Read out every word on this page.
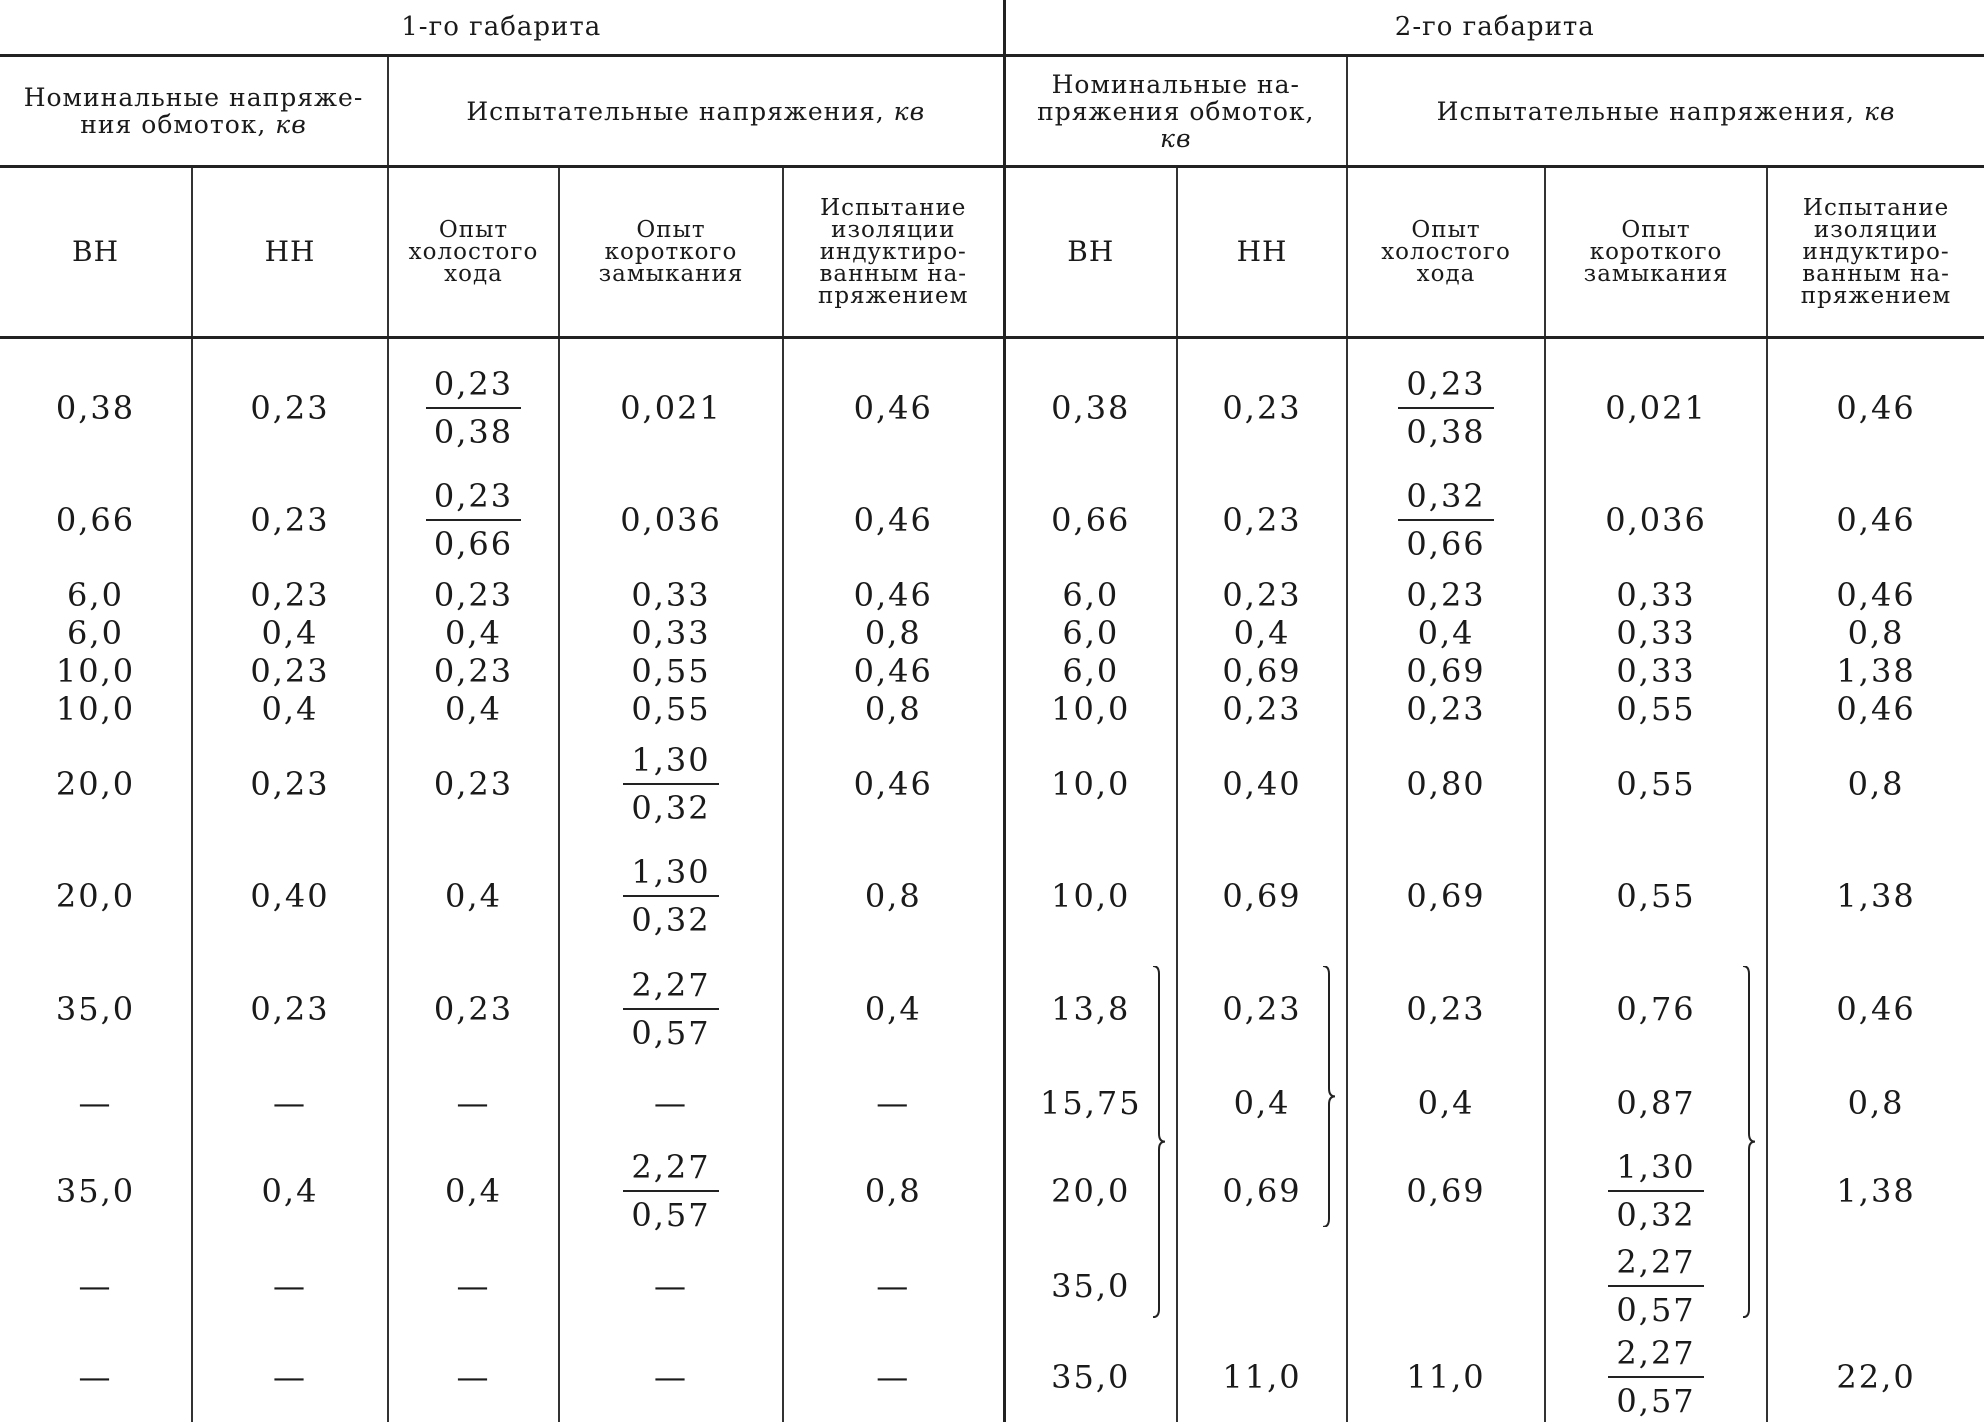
1-го габарита					2-го габарита				
Номинальные напряже-
ния обмоток, кв		Испытательные напряжения, кв			Номинальные на-
пряжения обмоток,
кв		Испытательные напряжения, кв		
ВН	НН	Опыт
холостого
хода	Опыт
короткого
замыкания	Испытание
изоляции
индуктиро-
ванным на-
пряжением	ВН	НН	Опыт
холостого
хода	Опыт
короткого
замыкания	Испытание
изоляции
индуктиро-
ванным на-
пряжением

0,38	0,23	$\frac{0,23}{0,38}$	0,021	0,46	0,38	0,23	$\frac{0,23}{0,38}$	0,021	0,46
0,66	0,23	$\frac{0,23}{0,66}$	0,036	0,46	0,66	0,23	$\frac{0,32}{0,66}$	0,036	0,46
6,0	0,23	0,23	0,33	0,46	6,0	0,23	0,23	0,33	0,46
6,0	0,4	0,4	0,33	0,8	6,0	0,4	0,4	0,33	0,8
10,0	0,23	0,23	0,55	0,46	6,0	0,69	0,69	0,33	1,38
10,0	0,4	0,4	0,55	0,8	10,0	0,23	0,23	0,55	0,46
20,0	0,23	0,23	$\frac{1,30}{0,32}$	0,46	10,0	0,40	0,80	0,55	0,8
20,0	0,40	0,4	$\frac{1,30}{0,32}$	0,8	10,0	0,69	0,69	0,55	1,38
35,0	0,23	0,23	$\frac{2,27}{0,57}$	0,4	13,8	0,23	0,23	0,76	0,46
—	—	—	—	—	15,75	0,4	0,4	0,87	0,8
35,0	0,4	0,4	$\frac{2,27}{0,57}$	0,8	20,0	0,69	0,69	$\frac{1,30}{0,32}$	1,38
—	—	—	—	—	35,0			$\frac{2,27}{0,57}$

—	—	—	—	—	35,0	11,0	11,0	$\frac{2,27}{0,57}$	22,0
